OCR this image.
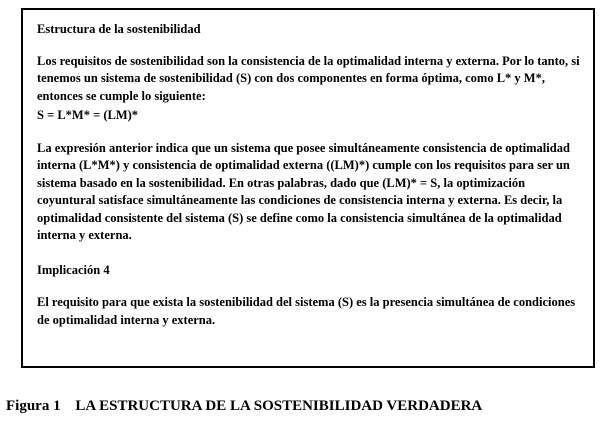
Estructura de la sostenibilidad

Los requisitos de sostenibilidad son la consistencia de la optimalidad interna y externa. Por lo tanto, si tenemos un sistema de sostenibilidad (S) con dos componentes en forma óptima, como L* y M*, entonces se cumple lo siguiente:

S = L*M* = (LM)*

La expresión anterior indica que un sistema que posee simultáneamente consistencia de optimalidad interna (L*M*) y consistencia de optimalidad externa ((LM)*) cumple con los requisitos para ser un sistema basado en la sostenibilidad. En otras palabras, dado que (LM)* = S, la optimización coyuntural satisface simultáneamente las condiciones de consistencia interna y externa. Es decir, la optimalidad consistente del sistema (S) se define como la consistencia simultánea de la optimalidad interna y externa.

Implicación 4

El requisito para que exista la sostenibilidad del sistema (S) es la presencia simultánea de condiciones de optimalidad interna y externa.

Figura 1 LA ESTRUCTURA DE LA SOSTENIBILIDAD VERDADERA
